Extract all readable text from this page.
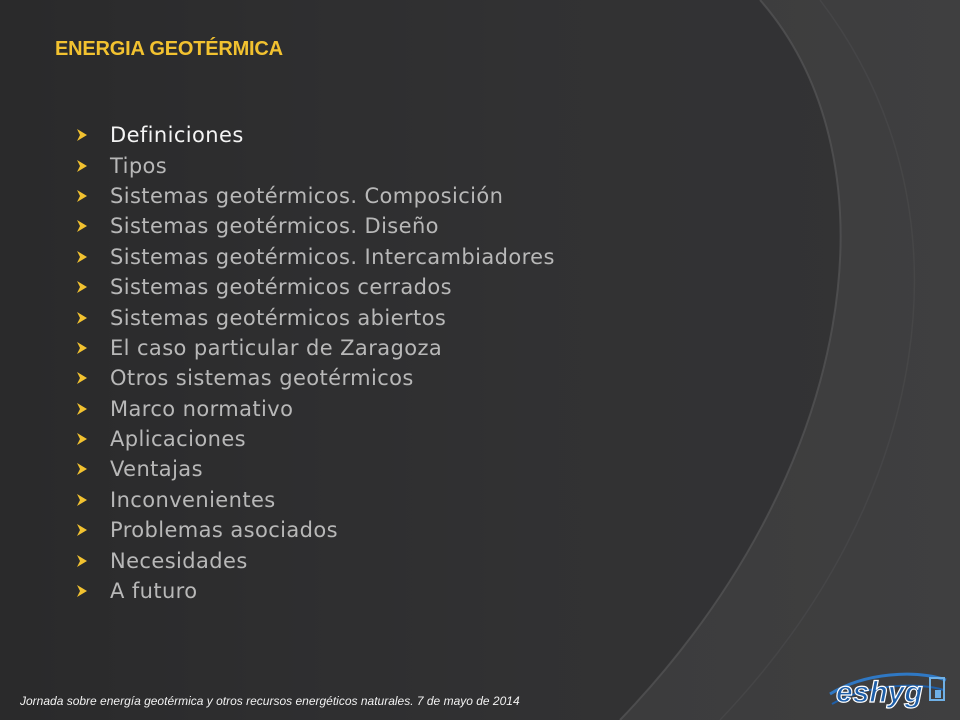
ENERGIA GEOTÉRMICA
Definiciones
Tipos
Sistemas geotérmicos. Composición
Sistemas geotérmicos. Diseño
Sistemas geotérmicos. Intercambiadores
Sistemas geotérmicos cerrados
Sistemas geotérmicos abiertos
El caso particular de Zaragoza
Otros sistemas geotérmicos
Marco normativo
Aplicaciones
Ventajas
Inconvenientes
Problemas asociados
Necesidades
A futuro
Jornada sobre energía geotérmica y otros recursos energéticos naturales. 7 de mayo de 2014	eshyg
